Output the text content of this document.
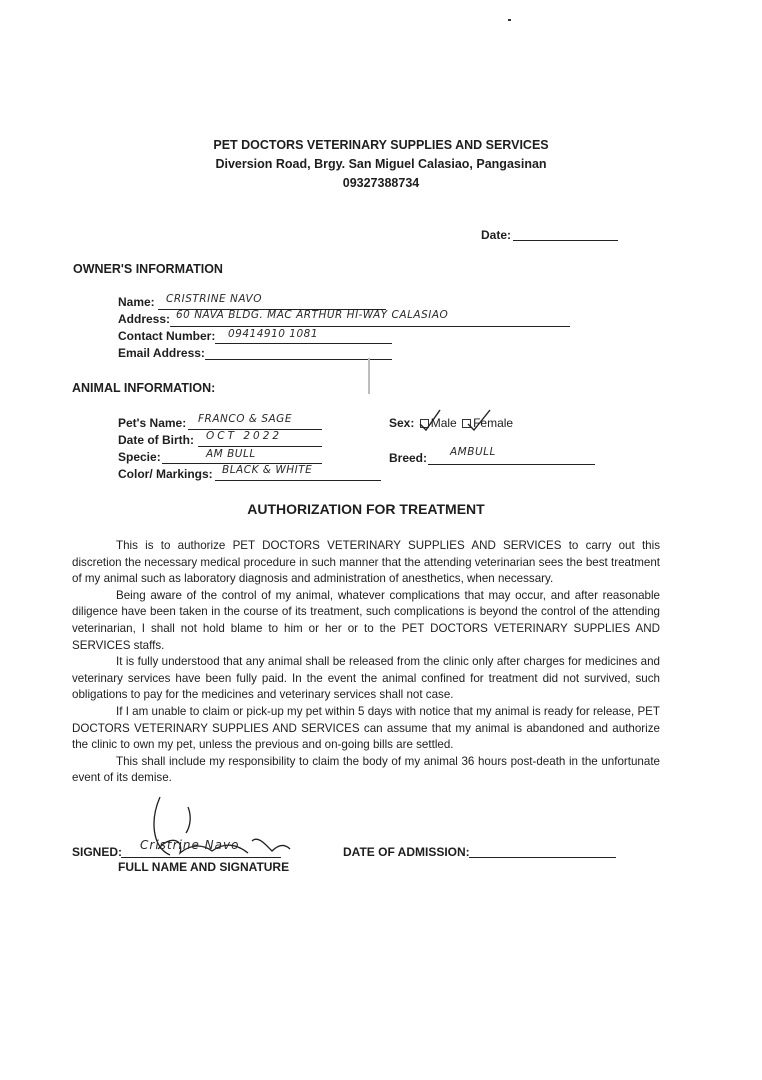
PET DOCTORS VETERINARY SUPPLIES AND SERVICES
Diversion Road, Brgy. San Miguel Calasiao, Pangasinan
09327388734
Date:
OWNER'S INFORMATION
Name: CRISTRINE NAVO
Address: 60 NAVA BLDG. MAC ARTHUR HI-WAY CALASIAO
Contact Number: 09414910 1081
Email Address:
ANIMAL INFORMATION:
Pet's Name: FRANCO & SAGE
Date of Birth: OCT 2022
Specie:	AM BULL
Color/ Markings: BLACK & WHITE
Sex: Male Female
Breed: AMBULL
AUTHORIZATION FOR TREATMENT

This is to authorize PET DOCTORS VETERINARY SUPPLIES AND SERVICES to carry out this discretion the necessary medical procedure in such manner that the attending veterinarian sees the best treatment of my animal such as laboratory diagnosis and administration of anesthetics, when necessary.

Being aware of the control of my animal, whatever complications that may occur, and after reasonable diligence have been taken in the course of its treatment, such complications is beyond the control of the attending veterinarian, I shall not hold blame to him or her or to the PET DOCTORS VETERINARY SUPPLIES AND SERVICES staffs.

It is fully understood that any animal shall be released from the clinic only after charges for medicines and veterinary services have been fully paid. In the event the animal confined for treatment did not survived, such obligations to pay for the medicines and veterinary services shall not case.

If I am unable to claim or pick-up my pet within 5 days with notice that my animal is ready for release, PET DOCTORS VETERINARY SUPPLIES AND SERVICES can assume that my animal is abandoned and authorize the clinic to own my pet, unless the previous and on-going bills are settled.

This shall include my responsibility to claim the body of my animal 36 hours post-death in the unfortunate event of its demise.

SIGNED: Cristrine Navo
FULL NAME AND SIGNATURE
DATE OF ADMISSION:
